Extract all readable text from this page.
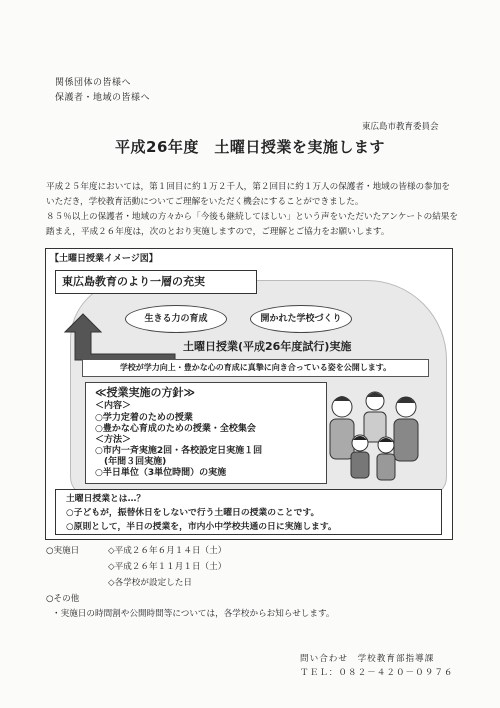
関係団体の皆様へ
保護者・地域の皆様へ
東広島市教育委員会
平成26年度　土曜日授業を実施します
平成２５年度においては，第１回目に約１万２千人，第２回目に約１万人の保護者・地域の皆様の参加をいただき，学校教育活動についてご理解をいただく機会にすることができました。
８５％以上の保護者・地域の方々から「今後も継続してほしい」という声をいただいたアンケートの結果を踏まえ，平成２６年度は，次のとおり実施しますので，ご理解とご協力をお願いします。
【土曜日授業イメージ図】
東広島教育のより一層の充実
生きる力の育成	開かれた学校づくり
土曜日授業(平成26年度試行)実施
学校が学力向上・豊かな心の育成に真摯に向き合っている姿を公開します。
≪授業実施の方針≫
＜内容＞
○学力定着のための授業
○豊かな心育成のための授業・全校集会
＜方法＞
○市内一斉実施2回・各校設定日実施１回
　(年間３回実施)
○半日単位（3単位時間）の実施
土曜日授業とは…？
○子どもが，振替休日をしないで行う土曜日の授業のことです。
○原則として，半日の授業を，市内小中学校共通の日に実施します。
○実施日	◇平成２６年６月１４日（土）
◇平成２６年１１月１日（土）
◇各学校が設定した日
○その他
・実施日の時間割や公開時間等については，各学校からお知らせします。
問い合わせ　学校教育部指導課
ＴＥＬ：０８２－４２０－０９７６
